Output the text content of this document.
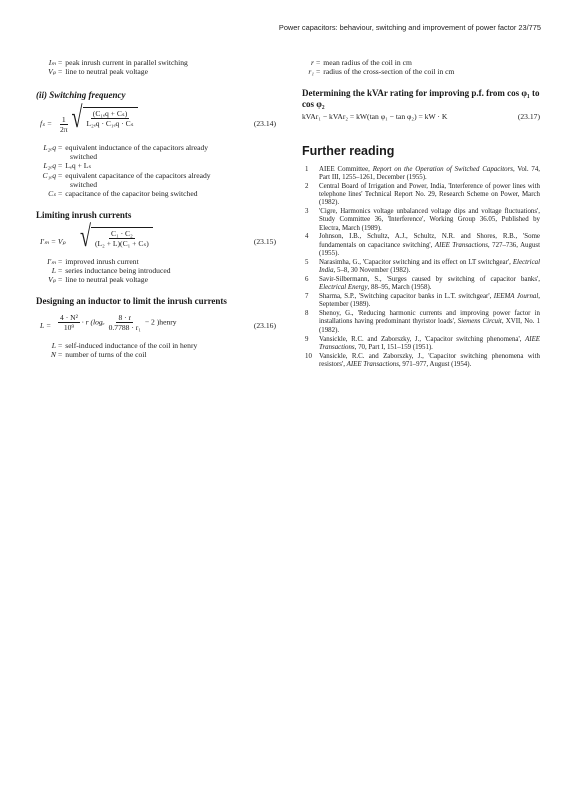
Power capacitors: behaviour, switching and improvement of power factor 23/775
Iₘ = peak inrush current in parallel switching
Vₚ = line to neutral peak voltage
(ii) Switching frequency
$f_s = \frac{1}{2\pi}$
√ $\frac{\text{(C₁ₑq + Cₛ)}}{\text{L₂ₑq · C₁ₑq · Cₛ}}$	(23.14)
L₂ₑq = equivalent inductance of the capacitors already
switched
L₂ₑq = Lₑq + Lₛ
C₁ₑq = equivalent capacitance of the capacitors already
switched
Cₛ = capacitance of the capacitor being switched
Limiting inrush currents
I′ₘ = Vₚ √ $\frac{\text{C₁ · C₂}}{\text{(L₂ + L)(C₁ + Cₛ)}}$	(23.15)
I′ₘ = improved inrush current
L = series inductance being introduced
Vₚ = line to neutral peak voltage
Designing an inductor to limit the inrush currents
$L = \frac{\text{4 · N²}}{\text{10⁹}} \cdot r$ ($\log_e \frac{8 \cdot r}{\text{0.7788 · r₁}} - 2$ )henry	(23.16)
L = self-induced inductance of the coil in henry
N = number of turns of the coil
r = mean radius of the coil in cm
r₁ = radius of the cross-section of the coil in cm
Determining the kVAr rating for improving p.f. from cos φ₁ to cos φ₂
kVAr₁ − kVAr₂ = kW(tan φ₁ − tan φ₂) = kW · K	(23.17)
Further reading
1	AIEE Committee, Report on the Operation of Switched Capacitors, Vol. 74, Part III, 1255–1261, December (1955).
2	Central Board of Irrigation and Power, India, 'Interference of power lines with telephone lines' Technical Report No. 29, Research Scheme on Power, March (1982).
3	'Cigre, Harmonics voltage unbalanced voltage dips and voltage fluctuations', Study Committee 36, 'Interference', Working Group 36.05, Published by Electra, March (1989).
4	Johnson, I.B., Schultz, A.J., Schultz, N.R. and Shores, R.B., 'Some fundamentals on capacitance switching', AIEE Transactions, 727–736, August (1955).
5	Narasimha, G., 'Capacitor switching and its effect on LT switchgear', Electrical India, 5–8, 30 November (1982).
6	Savir-Silbermann, S., 'Surges caused by switching of capacitor banks', Electrical Energy, 88–95, March (1958).
7	Sharma, S.P., 'Switching capacitor banks in L.T. switchgear', IEEMA Journal, September (1989).
8	Shenoy, G., 'Reducing harmonic currents and improving power factor in installations having predominant thyristor loads', Siemens Circuit, XVII, No. 1 (1982).
9	Vansickle, R.C. and Zaborszky, J., 'Capacitor switching phenomena', AIEE Transactions, 70, Part I, 151–159 (1951).
10	Vansickle, R.C. and Zaborszky, J., 'Capacitor switching phenomena with resistors', AIEE Transactions, 971–977, August (1954).
